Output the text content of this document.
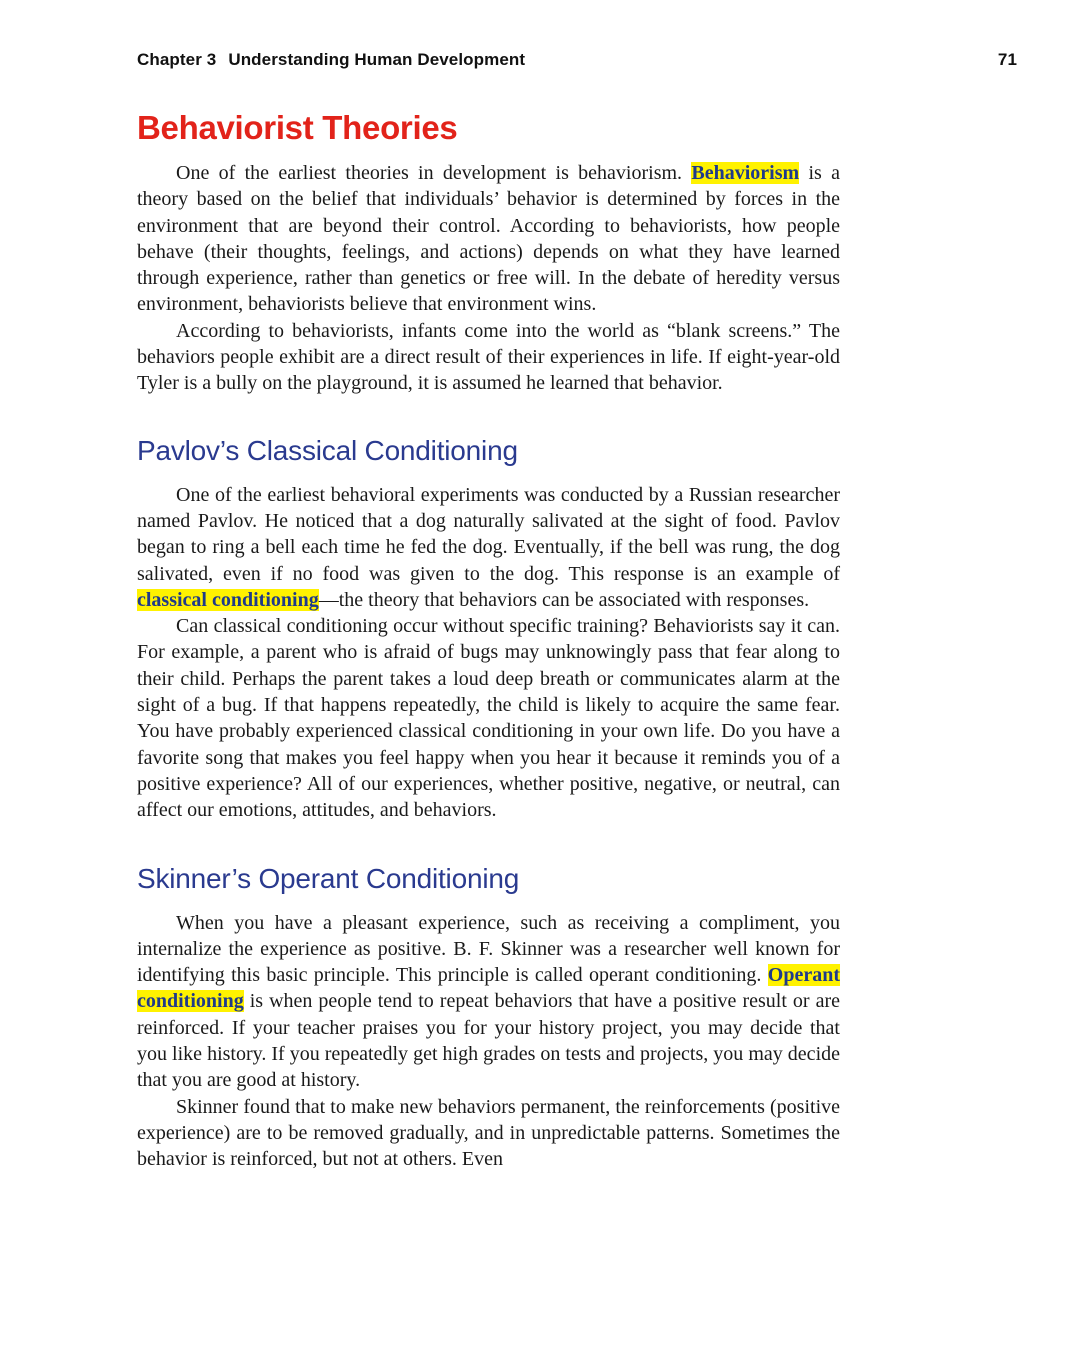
Chapter 3 Understanding Human Development	71
Behaviorist Theories

One of the earliest theories in development is behaviorism. Behaviorism is a theory based on the belief that individuals’ behavior is determined by forces in the environment that are beyond their control. According to behaviorists, how people behave (their thoughts, feelings, and actions) depends on what they have learned through experience, rather than genetics or free will. In the debate of heredity versus environment, behaviorists believe that environment wins.

According to behaviorists, infants come into the world as “blank screens.” The behaviors people exhibit are a direct result of their experiences in life. If eight-year-old Tyler is a bully on the playground, it is assumed he learned that behavior.

Pavlov’s Classical Conditioning

One of the earliest behavioral experiments was conducted by a Russian researcher named Pavlov. He noticed that a dog naturally salivated at the sight of food. Pavlov began to ring a bell each time he fed the dog. Eventually, if the bell was rung, the dog salivated, even if no food was given to the dog. This response is an example of classical conditioning—the theory that behaviors can be associated with responses.

Can classical conditioning occur without specific training? Behaviorists say it can. For example, a parent who is afraid of bugs may unknowingly pass that fear along to their child. Perhaps the parent takes a loud deep breath or communicates alarm at the sight of a bug. If that happens repeatedly, the child is likely to acquire the same fear. You have probably experienced classical conditioning in your own life. Do you have a favorite song that makes you feel happy when you hear it because it reminds you of a positive experience? All of our experiences, whether positive, negative, or neutral, can affect our emotions, attitudes, and behaviors.

Skinner’s Operant Conditioning

When you have a pleasant experience, such as receiving a compliment, you internalize the experience as positive. B. F. Skinner was a researcher well known for identifying this basic principle. This principle is called operant conditioning. Operant conditioning is when people tend to repeat behaviors that have a positive result or are reinforced. If your teacher praises you for your history project, you may decide that you like history. If you repeatedly get high grades on tests and projects, you may decide that you are good at history.

Skinner found that to make new behaviors permanent, the reinforcements (positive experience) are to be removed gradually, and in unpredictable patterns. Sometimes the behavior is reinforced, but not at others. Even
